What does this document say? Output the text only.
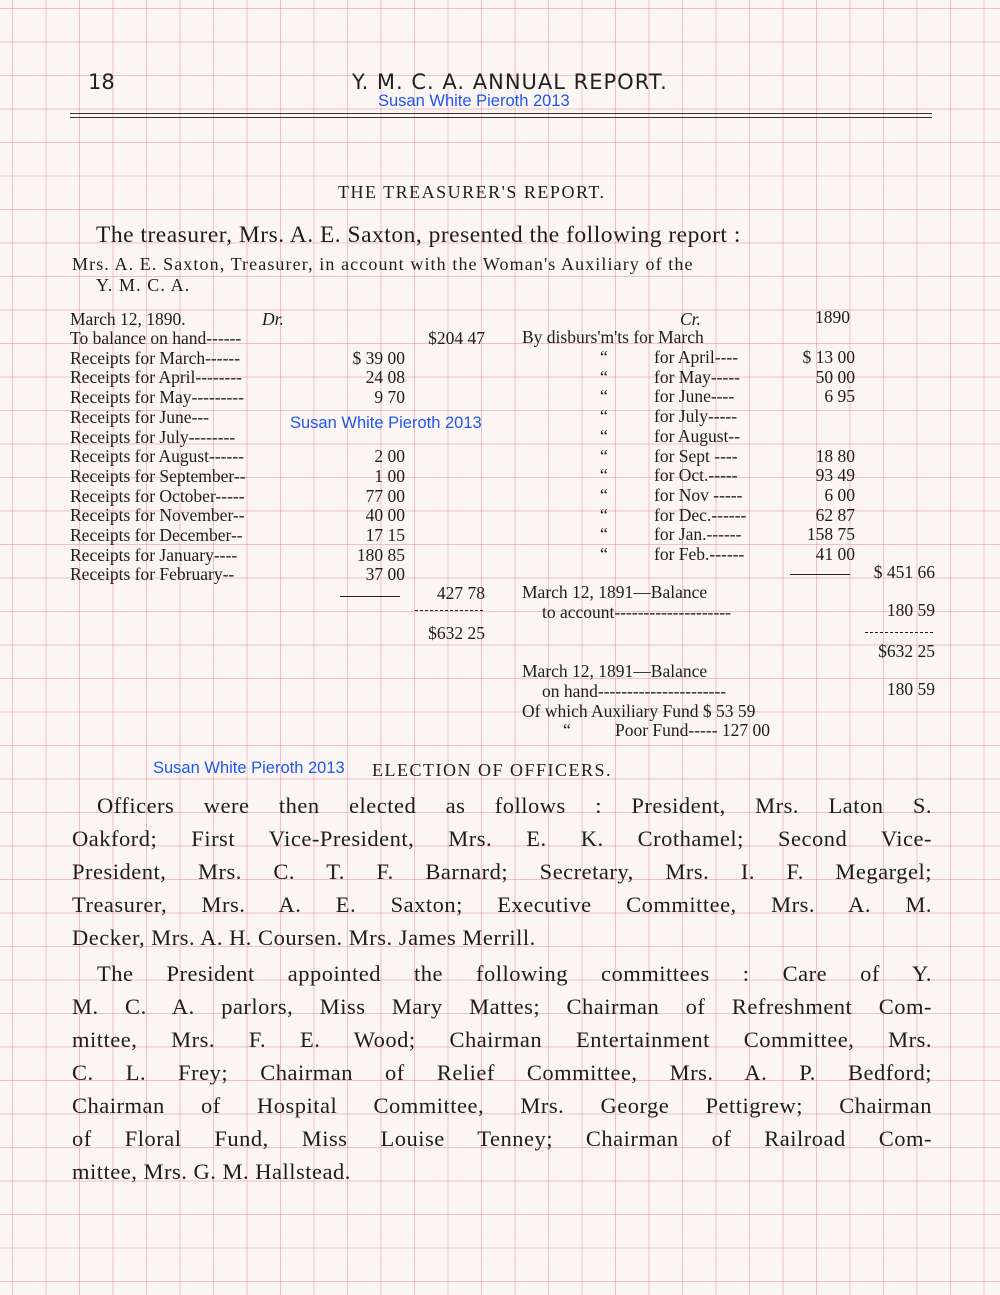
18	Y. M. C. A. ANNUAL REPORT.
Susan White Pieroth 2013
THE TREASURER'S REPORT.
The treasurer, Mrs. A. E. Saxton, presented the following report :
Mrs. A. E. Saxton, Treasurer, in account with the Woman's Auxiliary of the
Y. M. C. A.
March 12, 1890.	Dr.
To balance on hand------	$204 47
Receipts for March------	$ 39 00
Receipts for April--------	24 08
Receipts for May---------	9 70
Receipts for June---
Receipts for July--------
Receipts for August------	2 00
Receipts for September--	1 00
Receipts for October-----	77 00
Receipts for November--	40 00
Receipts for December--	17 15
Receipts for January----	180 85
Receipts for February--	37 00
427 78
$632 25
Cr.	1890
By disburs'm'ts for March
“	for April----	$ 13 00
“	for May-----	50 00
“	for June----	6 95
“	for July-----
“	for August--
“	for Sept ----	18 80
“	for Oct.-----	93 49
“	for Nov -----	6 00
“	for Dec.------	62 87
“	for Jan.------	158 75
“	for Feb.------	41 00
$ 451 66
March 12, 1891—Balance
to account--------------------	180 59
$632 25
March 12, 1891—Balance
on hand----------------------	180 59
Of which Auxiliary Fund $ 53 59
“	Poor Fund----- 127 00
Susan White Pieroth 2013
ELECTION OF OFFICERS.
Susan White Pieroth 2013
Officers were then elected as follows : President, Mrs. Laton S.
Oakford; First Vice-President, Mrs. E. K. Crothamel; Second Vice-
President, Mrs. C. T. F. Barnard; Secretary, Mrs. I. F. Megargel;
Treasurer, Mrs. A. E. Saxton; Executive Committee, Mrs. A. M.
Decker, Mrs. A. H. Coursen. Mrs. James Merrill.
The President appointed the following committees : Care of Y.
M. C. A. parlors, Miss Mary Mattes; Chairman of Refreshment Com-
mittee, Mrs. F. E. Wood; Chairman Entertainment Committee, Mrs.
C. L. Frey; Chairman of Relief Committee, Mrs. A. P. Bedford;
Chairman of Hospital Committee, Mrs. George Pettigrew; Chairman
of Floral Fund, Miss Louise Tenney; Chairman of Railroad Com-
mittee, Mrs. G. M. Hallstead.
